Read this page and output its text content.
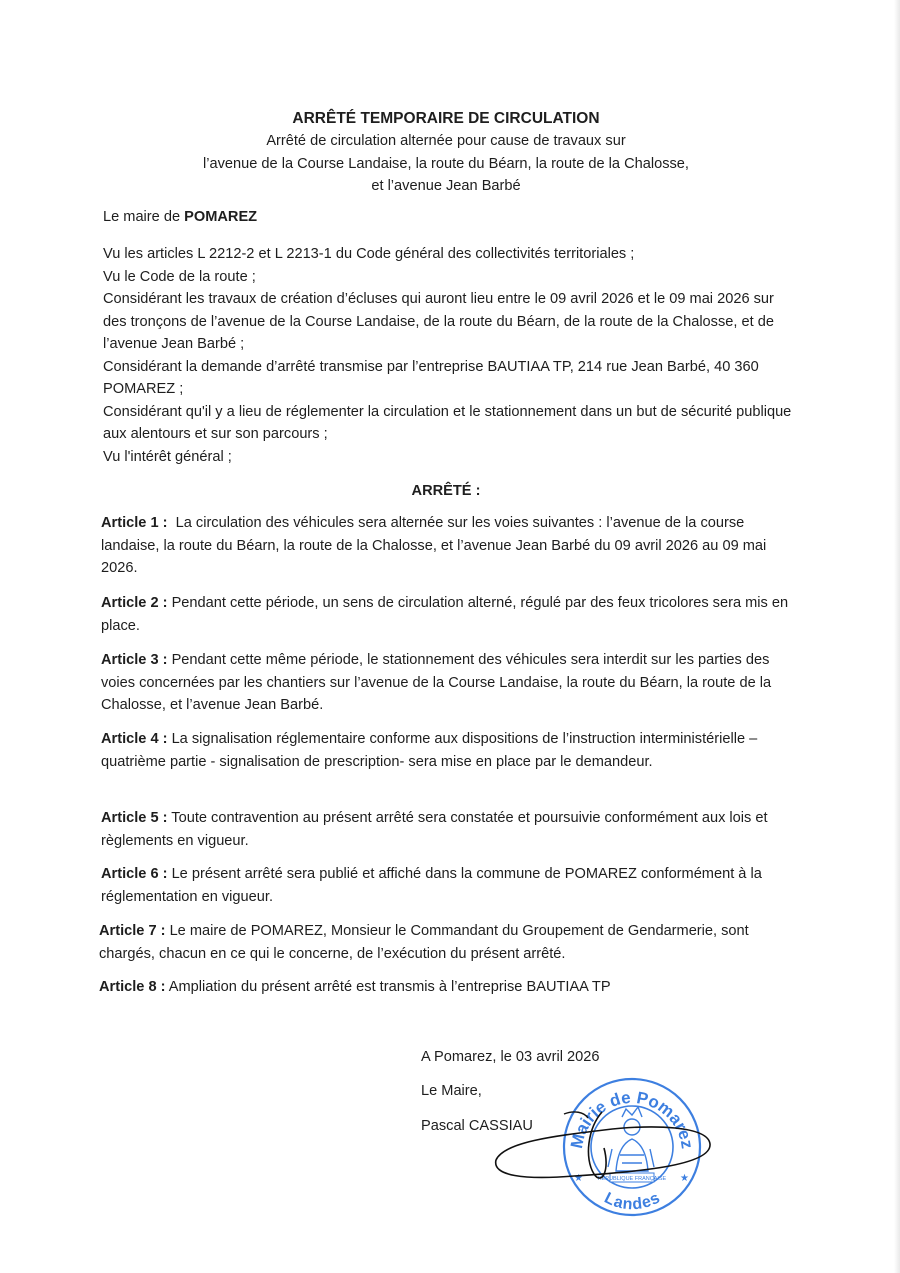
ARRÊTÉ TEMPORAIRE DE CIRCULATION
Arrêté de circulation alternée pour cause de travaux sur
l’avenue de la Course Landaise, la route du Béarn, la route de la Chalosse,
et l’avenue Jean Barbé
Le maire de POMAREZ

Vu les articles L 2212-2 et L 2213-1 du Code général des collectivités territoriales ;

Vu le Code de la route ;

Considérant les travaux de création d’écluses qui auront lieu entre le 09 avril 2026 et le 09 mai 2026 sur des tronçons de l’avenue de la Course Landaise, de la route du Béarn, de la route de la Chalosse, et de l’avenue Jean Barbé ;

Considérant la demande d’arrêté transmise par l’entreprise BAUTIAA TP, 214 rue Jean Barbé, 40 360 POMAREZ ;

Considérant qu'il y a lieu de réglementer la circulation et le stationnement dans un but de sécurité publique aux alentours et sur son parcours ;

Vu l'intérêt général ;

ARRÊTÉ :
Article 1 :  La circulation des véhicules sera alternée sur les voies suivantes : l’avenue de la course landaise, la route du Béarn, la route de la Chalosse, et l’avenue Jean Barbé du 09 avril 2026 au 09 mai 2026.
Article 2 : Pendant cette période, un sens de circulation alterné, régulé par des feux tricolores sera mis en place.
Article 3 : Pendant cette même période, le stationnement des véhicules sera interdit sur les parties des voies concernées par les chantiers sur l’avenue de la Course Landaise, la route du Béarn, la route de la Chalosse, et l’avenue Jean Barbé.
Article 4 : La signalisation réglementaire conforme aux dispositions de l’instruction interministérielle –quatrième partie - signalisation de prescription- sera mise en place par le demandeur.
Article 5 : Toute contravention au présent arrêté sera constatée et poursuivie conformément aux lois et règlements en vigueur.
Article 6 : Le présent arrêté sera publié et affiché dans la commune de POMAREZ conformément à la réglementation en vigueur.
Article 7 : Le maire de POMAREZ, Monsieur le Commandant du Groupement de Gendarmerie, sont chargés, chacun en ce qui le concerne, de l’exécution du présent arrêté.
Article 8 : Ampliation du présent arrêté est transmis à l’entreprise BAUTIAA TP
A Pomarez, le 03 avril 2026
Le Maire,
Pascal CASSIAU
Mairie de Pomarez
Landes
RÉPUBLIQUE FRANÇAISE
★	★
